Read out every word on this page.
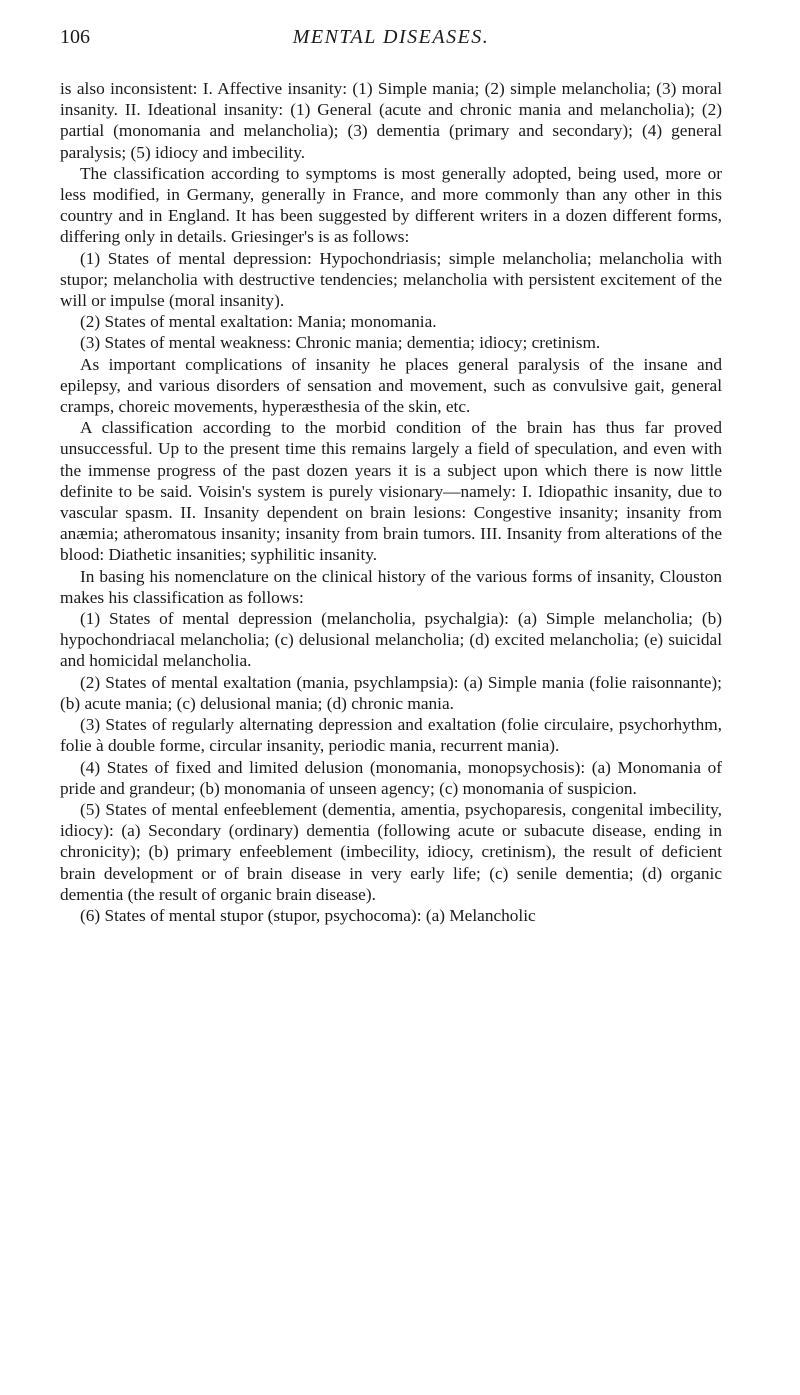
106	MENTAL DISEASES.

is also inconsistent: I. Affective insanity: (1) Simple mania; (2) simple melancholia; (3) moral insanity. II. Ideational insanity: (1) General (acute and chronic mania and melancholia); (2) partial (monomania and melancholia); (3) dementia (primary and secondary); (4) general paralysis; (5) idiocy and imbecility.

The classification according to symptoms is most generally adopted, being used, more or less modified, in Germany, generally in France, and more commonly than any other in this country and in England. It has been suggested by different writers in a dozen different forms, differing only in details. Griesinger's is as follows:

(1) States of mental depression: Hypochondriasis; simple melancholia; melancholia with stupor; melancholia with destructive tendencies; melancholia with persistent excitement of the will or impulse (moral insanity).

(2) States of mental exaltation: Mania; monomania.

(3) States of mental weakness: Chronic mania; dementia; idiocy; cretinism.

As important complications of insanity he places general paralysis of the insane and epilepsy, and various disorders of sensation and movement, such as convulsive gait, general cramps, choreic movements, hyperæsthesia of the skin, etc.

A classification according to the morbid condition of the brain has thus far proved unsuccessful. Up to the present time this remains largely a field of speculation, and even with the immense progress of the past dozen years it is a subject upon which there is now little definite to be said. Voisin's system is purely visionary—namely: I. Idiopathic insanity, due to vascular spasm. II. Insanity dependent on brain lesions: Congestive insanity; insanity from anæmia; atheromatous insanity; insanity from brain tumors. III. Insanity from alterations of the blood: Diathetic insanities; syphilitic insanity.

In basing his nomenclature on the clinical history of the various forms of insanity, Clouston makes his classification as follows:

(1) States of mental depression (melancholia, psychalgia): (a) Simple melancholia; (b) hypochondriacal melancholia; (c) delusional melancholia; (d) excited melancholia; (e) suicidal and homicidal melancholia.

(2) States of mental exaltation (mania, psychlampsia): (a) Simple mania (folie raisonnante); (b) acute mania; (c) delusional mania; (d) chronic mania.

(3) States of regularly alternating depression and exaltation (folie circulaire, psychorhythm, folie à double forme, circular insanity, periodic mania, recurrent mania).

(4) States of fixed and limited delusion (monomania, monopsychosis): (a) Monomania of pride and grandeur; (b) monomania of unseen agency; (c) monomania of suspicion.

(5) States of mental enfeeblement (dementia, amentia, psychoparesis, congenital imbecility, idiocy): (a) Secondary (ordinary) dementia (following acute or subacute disease, ending in chronicity); (b) primary enfeeblement (imbecility, idiocy, cretinism), the result of deficient brain development or of brain disease in very early life; (c) senile dementia; (d) organic dementia (the result of organic brain disease).

(6) States of mental stupor (stupor, psychocoma): (a) Melancholic
